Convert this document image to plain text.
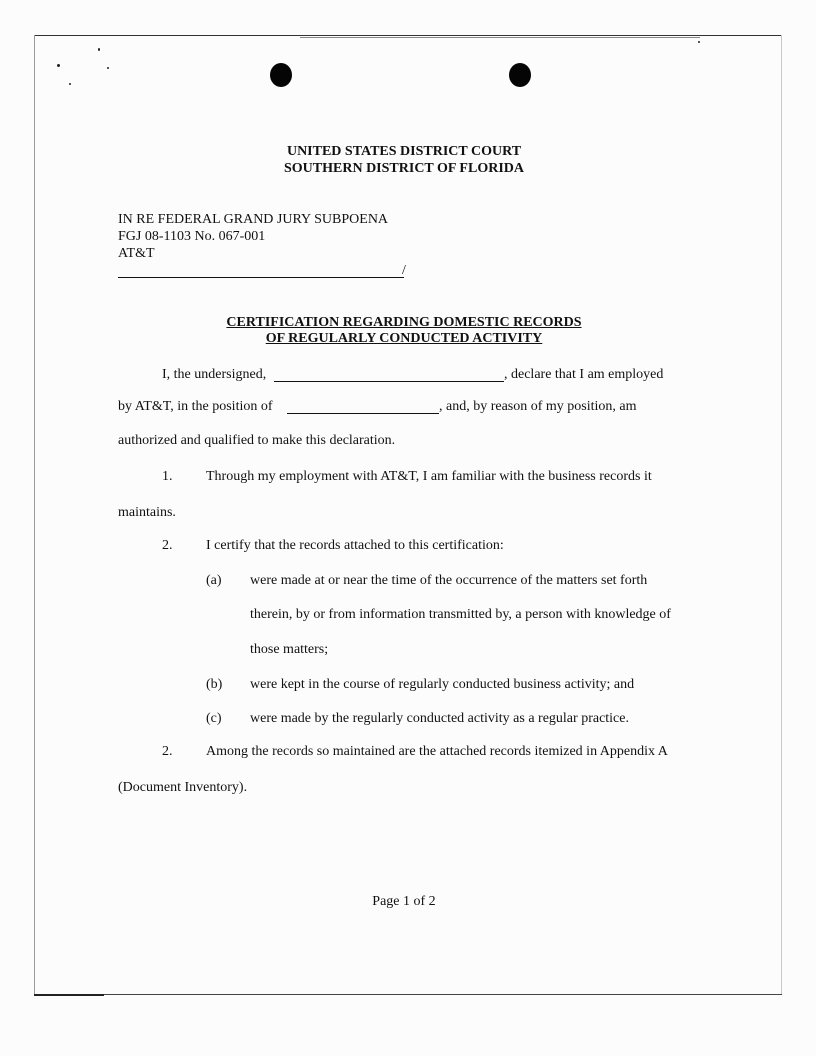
UNITED STATES DISTRICT COURT
SOUTHERN DISTRICT OF FLORIDA
IN RE FEDERAL GRAND JURY SUBPOENA
FGJ 08-1103 No. 067-001
AT&T
/
CERTIFICATION REGARDING DOMESTIC RECORDS
OF REGULARLY CONDUCTED ACTIVITY
I, the undersigned,	, declare that I am employed
by AT&T, in the position of	, and, by reason of my position, am
authorized and qualified to make this declaration.
1. Through my employment with AT&T, I am familiar with the business records it
maintains.
2. I certify that the records attached to this certification:
(a) were made at or near the time of the occurrence of the matters set forth
therein, by or from information transmitted by, a person with knowledge of
those matters;
(b) were kept in the course of regularly conducted business activity; and
(c) were made by the regularly conducted activity as a regular practice.
2. Among the records so maintained are the attached records itemized in Appendix A
(Document Inventory).
Page 1 of 2
